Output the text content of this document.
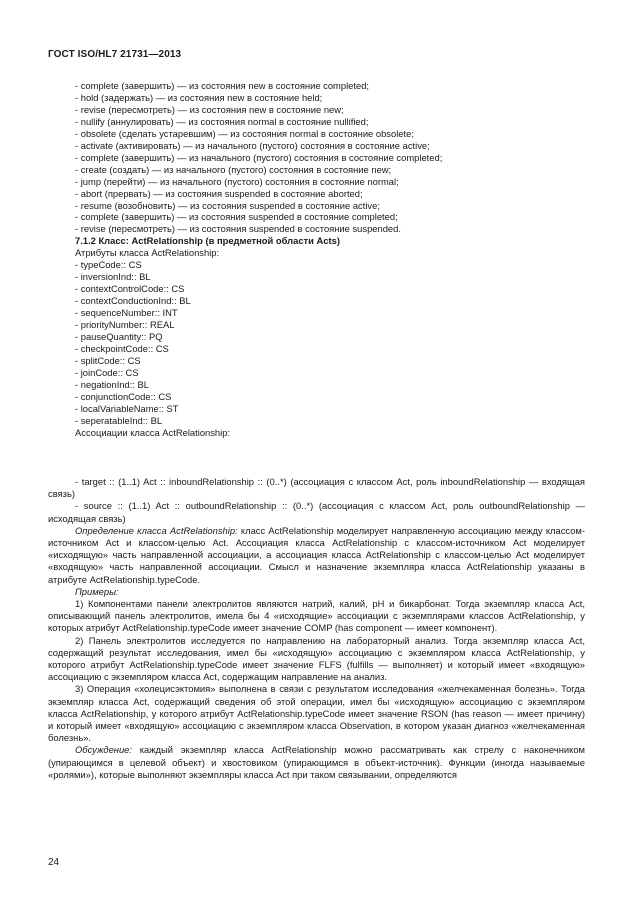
ГОСТ ISO/HL7 21731—2013
- complete (завершить) — из состояния new в состояние completed;
- hold (задержать) — из состояния new в состояние held;
- revise (пересмотреть) — из состояния new в состояние new;
- nullify (аннулировать) — из состояния normal в состояние nullified;
- obsolete (сделать устаревшим) — из состояния normal в состояние obsolete;
- activate (активировать) — из начального (пустого) состояния в состояние active;
- complete (завершить) — из начального (пустого) состояния в состояние completed;
- create (создать) — из начального (пустого) состояния в состояние new;
- jump (перейти) — из начального (пустого) состояния в состояние normal;
- abort (прервать) — из состояния suspended в состояние aborted;
- resume (возобновить) — из состояния suspended в состояние active;
- complete (завершить) — из состояния suspended в состояние completed;
- revise (пересмотреть) — из состояния suspended в состояние suspended.
7.1.2 Класс: ActRelationship (в предметной области Acts)
Атрибуты класса ActRelationship:
- typeCode:: CS
- inversionInd:: BL
- contextControlCode:: CS
- contextConductionInd:: BL
- sequenceNumber:: INT
- priorityNumber:: REAL
- pauseQuantity:: PQ
- checkpointCode:: CS
- splitCode:: CS
- joinCode:: CS
- negationInd:: BL
- conjunctionCode:: CS
- localVariableName:: ST
- seperatableInd:: BL
Ассоциации класса ActRelationship:

- target :: (1..1) Act :: inboundRelationship :: (0..*) (ассоциация с классом Act, роль inboundRelationship — входящая связь)

- source :: (1..1) Act :: outboundRelationship :: (0..*) (ассоциация с классом Act, роль outboundRelationship — исходящая связь)

Определение класса ActRelationship: класс ActRelationship моделирует направленную ассоциацию между классом-источником Act и классом-целью Act. Ассоциация класса ActRelationship с классом-источником Act моделирует «исходящую» часть направленной ассоциации, а ассоциация класса ActRelationship с классом-целью Act моделирует «входящую» часть направленной ассоциации. Смысл и назначение экземпляра класса ActRelationship указаны в атрибуте ActRelationship.typeCode.

Примеры:

1) Компонентами панели электролитов являются натрий, калий, pH и бикарбонат. Тогда экземпляр класса Act, описывающий панель электролитов, имела бы 4 «исходящие» ассоциации с экземплярами классов ActRelationship, у которых атрибут ActRelationship.typeCode имеет значение COMP (has component — имеет компонент).

2) Панель электролитов исследуется по направлению на лабораторный анализ. Тогда экземпляр класса Act, содержащий результат исследования, имел бы «исходящую» ассоциацию с экземпляром класса ActRelationship, у которого атрибут ActRelationship.typeCode имеет значение FLFS (fulfills — выполняет) и который имеет «входящую» ассоциацию с экземпляром класса Act, содержащим направление на анализ.

3) Операция «холецисэктомия» выполнена в связи с результатом исследования «желчекаменная болезнь». Тогда экземпляр класса Act, содержащий сведения об этой операции, имел бы «исходящую» ассоциацию с экземпляром класса ActRelationship, у которого атрибут ActRelationship.typeCode имеет значение RSON (has reason — имеет причину) и который имеет «входящую» ассоциацию с экземпляром класса Observation, в котором указан диагноз «желчекаменная болезнь».

Обсуждение: каждый экземпляр класса ActRelationship можно рассматривать как стрелу с наконечником (упирающимся в целевой объект) и хвостовиком (упирающимся в объект-источник). Функции (иногда называемые «ролями»), которые выполняют экземпляры класса Act при таком связывании, определяются

24
